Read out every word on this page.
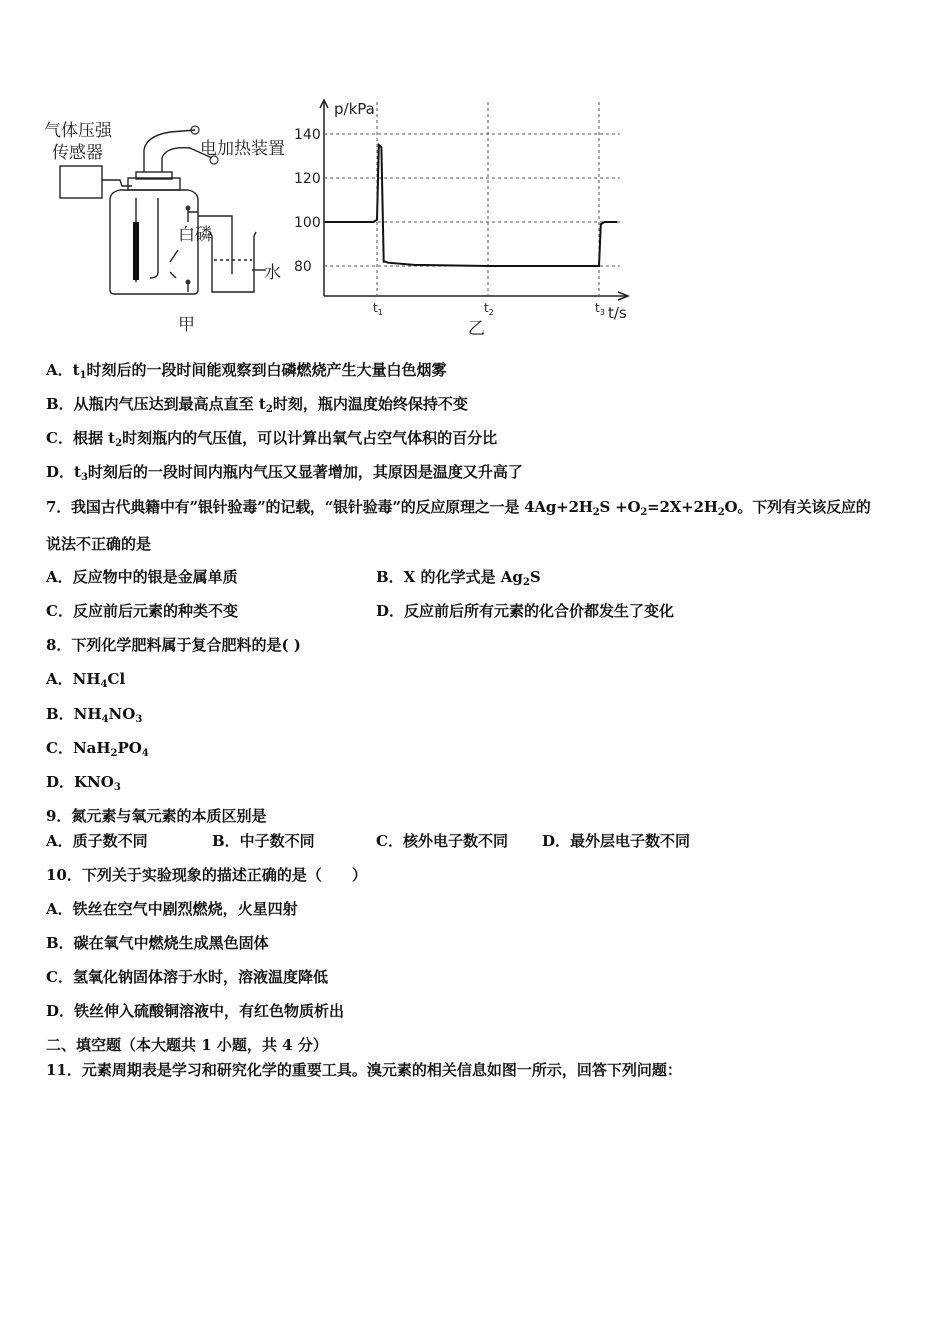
气体压强
传感器	电加热装置
白磷
水
甲
140
120
100
80
$t_1$	$t_2$	$t_3$
p/kPa
t/s
乙
A．$t_1$时刻后的一段时间能观察到白磷燃烧产生大量白色烟雾
B．从瓶内气压达到最高点直至 $t_2$时刻，瓶内温度始终保持不变
C．根据 $t_2$时刻瓶内的气压值，可以计算出氧气占空气体积的百分比
D．$t_3$时刻后的一段时间内瓶内气压又显著增加，其原因是温度又升高了
7．我国古代典籍中有”银针验毒”的记载，“银针验毒”的反应原理之一是 $4Ag+2H_2S +O_2=2X+2H_2O$。下列有关该反应的
说法不正确的是
A．反应物中的银是金属单质	B．X 的化学式是 $Ag_2S$
C．反应前后元素的种类不变	D．反应前后所有元素的化合价都发生了变化
8．下列化学肥料属于复合肥料的是( )
A．$NH_4Cl$
B．$NH_4NO_3$
C．$NaH_2PO_4$
D．$KNO_3$
9．氮元素与氧元素的本质区别是
A．质子数不同	B．中子数不同	C．核外电子数不同 D．最外层电子数不同
10．下列关于实验现象的描述正确的是（　　）
A．铁丝在空气中剧烈燃烧，火星四射
B．碳在氧气中燃烧生成黑色固体
C．氢氧化钠固体溶于水时，溶液温度降低
D．铁丝伸入硫酸铜溶液中，有红色物质析出
二、填空题（本大题共 1 小题，共 4 分）
11．元素周期表是学习和研究化学的重要工具。溴元素的相关信息如图一所示，回答下列问题：
